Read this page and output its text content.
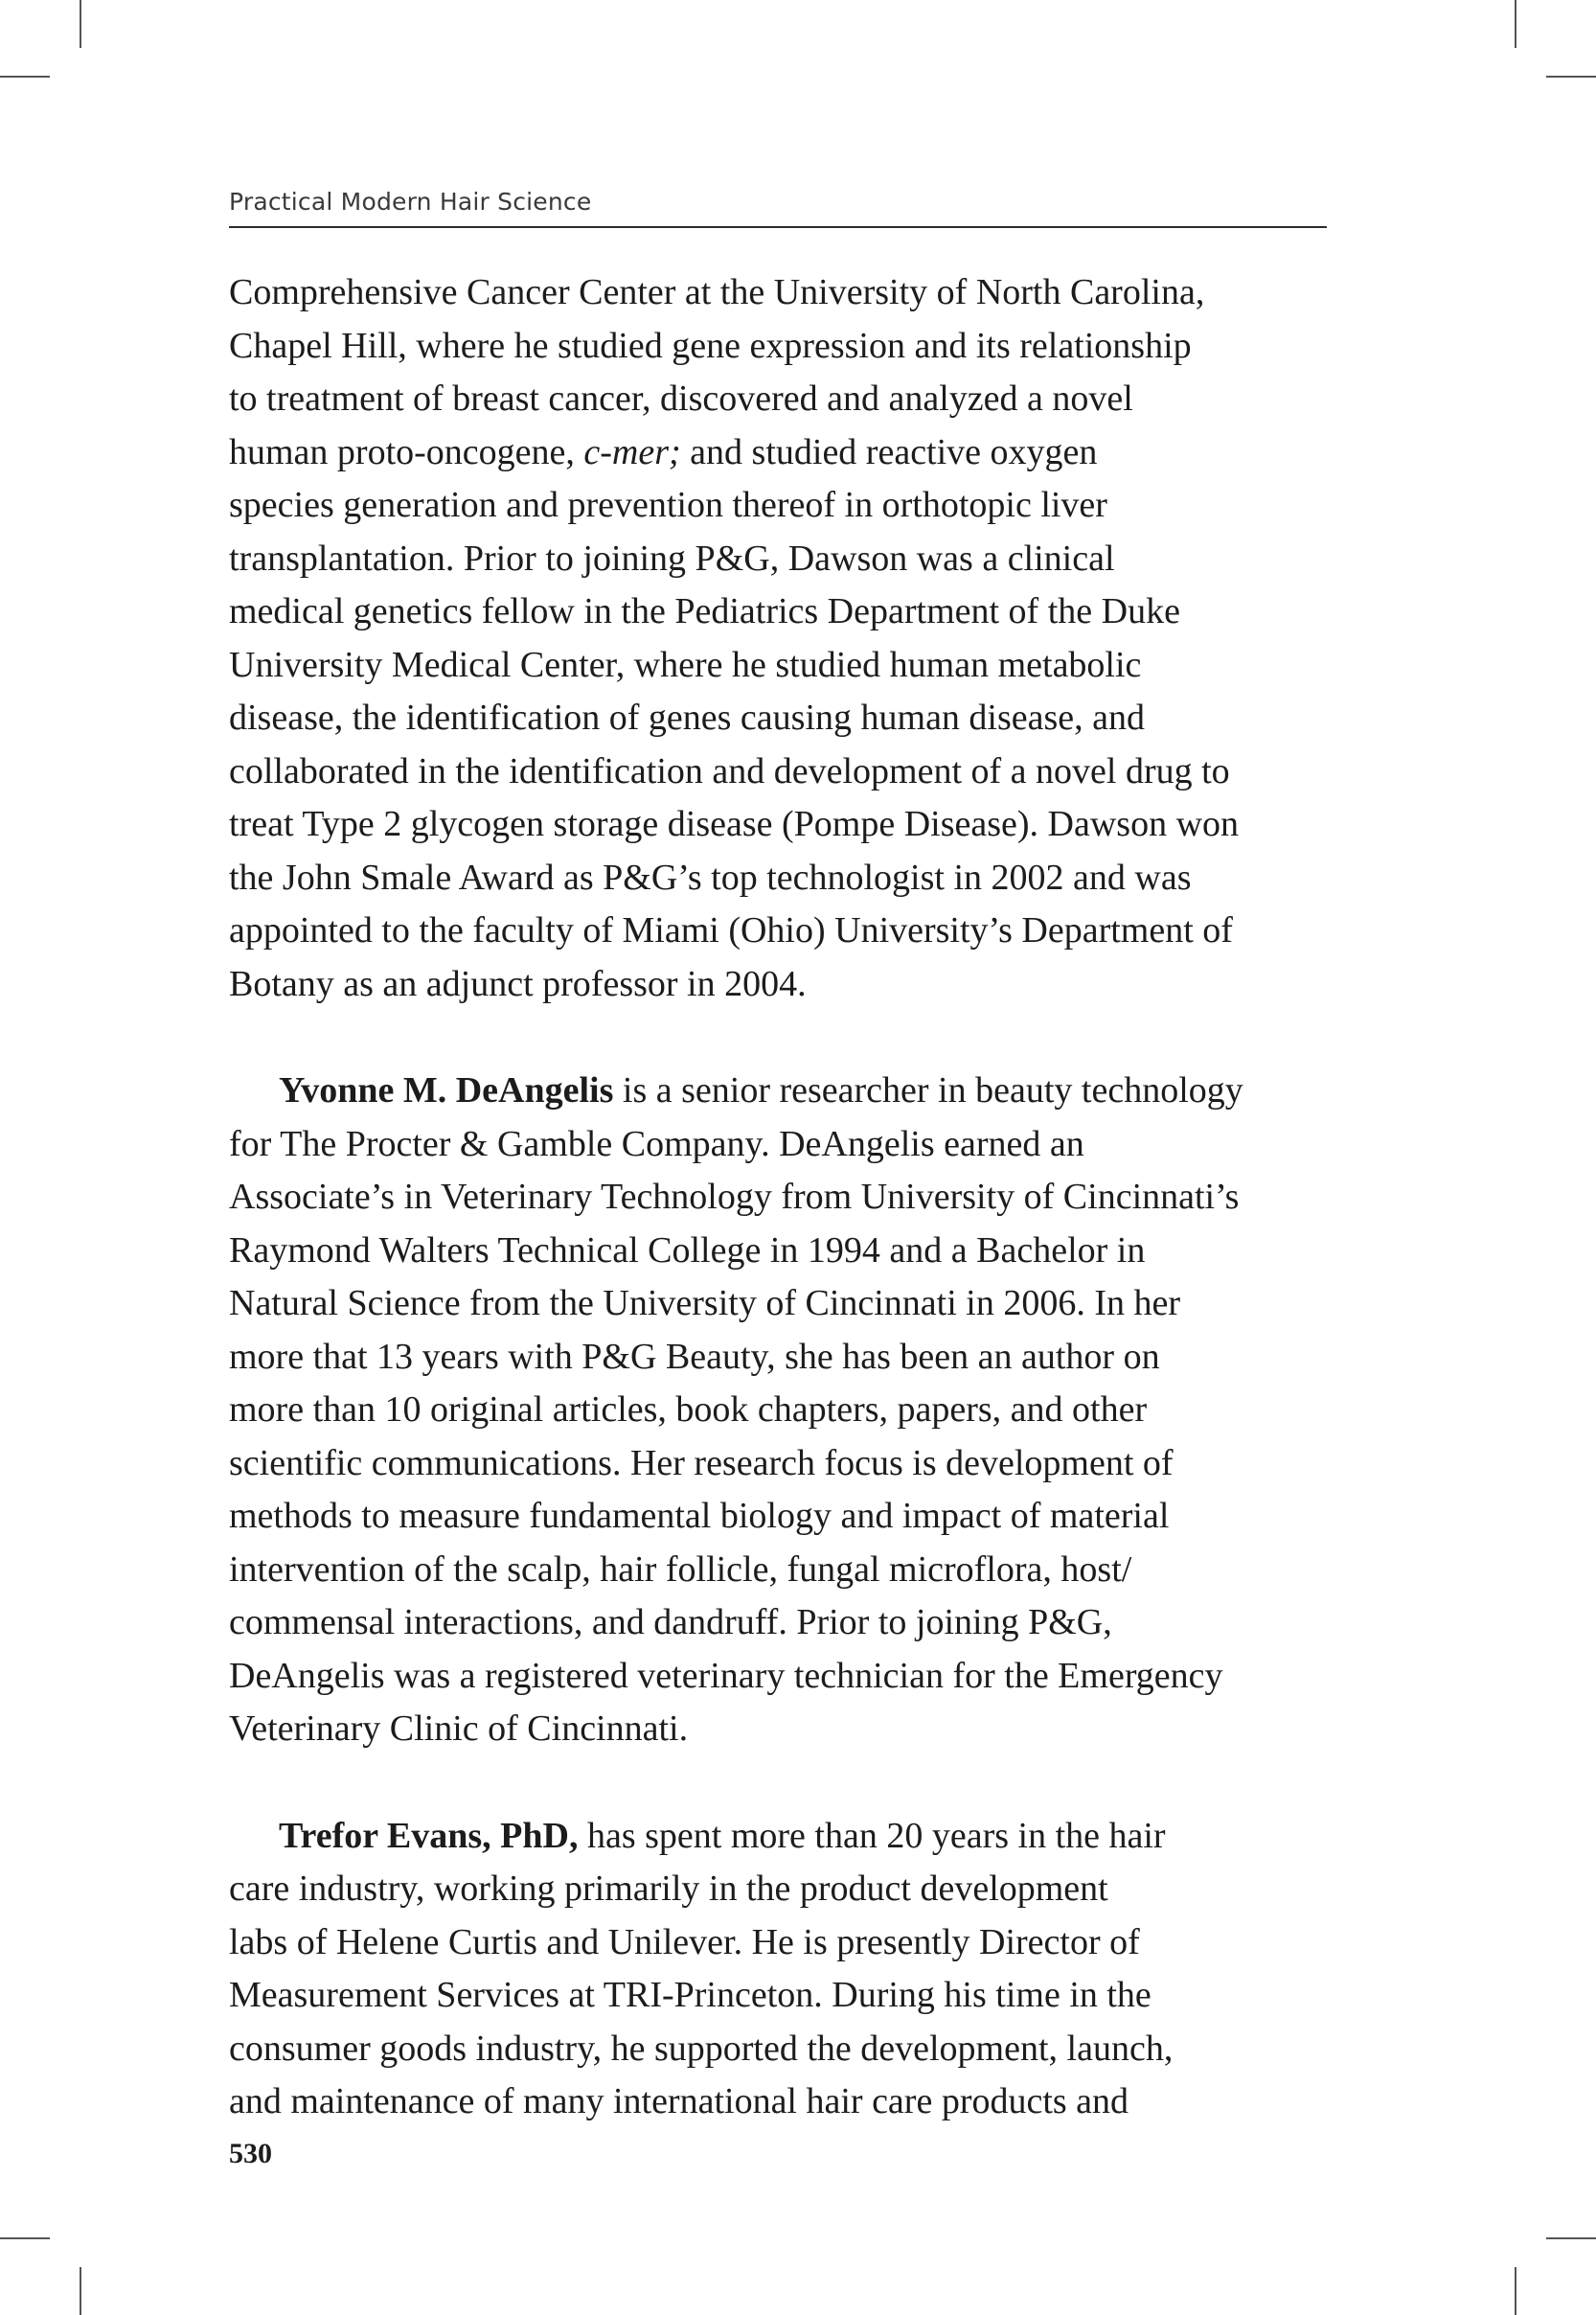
Practical Modern Hair Science
Comprehensive Cancer Center at the University of North Carolina,
Chapel Hill, where he studied gene expression and its relationship
to treatment of breast cancer, discovered and analyzed a novel
human proto-oncogene, c-mer; and studied reactive oxygen
species generation and prevention thereof in orthotopic liver
transplantation. Prior to joining P&G, Dawson was a clinical
medical genetics fellow in the Pediatrics Department of the Duke
University Medical Center, where he studied human metabolic
disease, the identification of genes causing human disease, and
collaborated in the identification and development of a novel drug to
treat Type 2 glycogen storage disease (Pompe Disease). Dawson won
the John Smale Award as P&G’s top technologist in 2002 and was
appointed to the faculty of Miami (Ohio) University’s Department of
Botany as an adjunct professor in 2004.
Yvonne M. DeAngelis is a senior researcher in beauty technology
for The Procter & Gamble Company. DeAngelis earned an
Associate’s in Veterinary Technology from University of Cincinnati’s
Raymond Walters Technical College in 1994 and a Bachelor in
Natural Science from the University of Cincinnati in 2006. In her
more that 13 years with P&G Beauty, she has been an author on
more than 10 original articles, book chapters, papers, and other
scientific communications. Her research focus is development of
methods to measure fundamental biology and impact of material
intervention of the scalp, hair follicle, fungal microflora, host/
commensal interactions, and dandruff. Prior to joining P&G,
DeAngelis was a registered veterinary technician for the Emergency
Veterinary Clinic of Cincinnati.
Trefor Evans, PhD, has spent more than 20 years in the hair
care industry, working primarily in the product development
labs of Helene Curtis and Unilever. He is presently Director of
Measurement Services at TRI-Princeton. During his time in the
consumer goods industry, he supported the development, launch,
and maintenance of many international hair care products and
530
